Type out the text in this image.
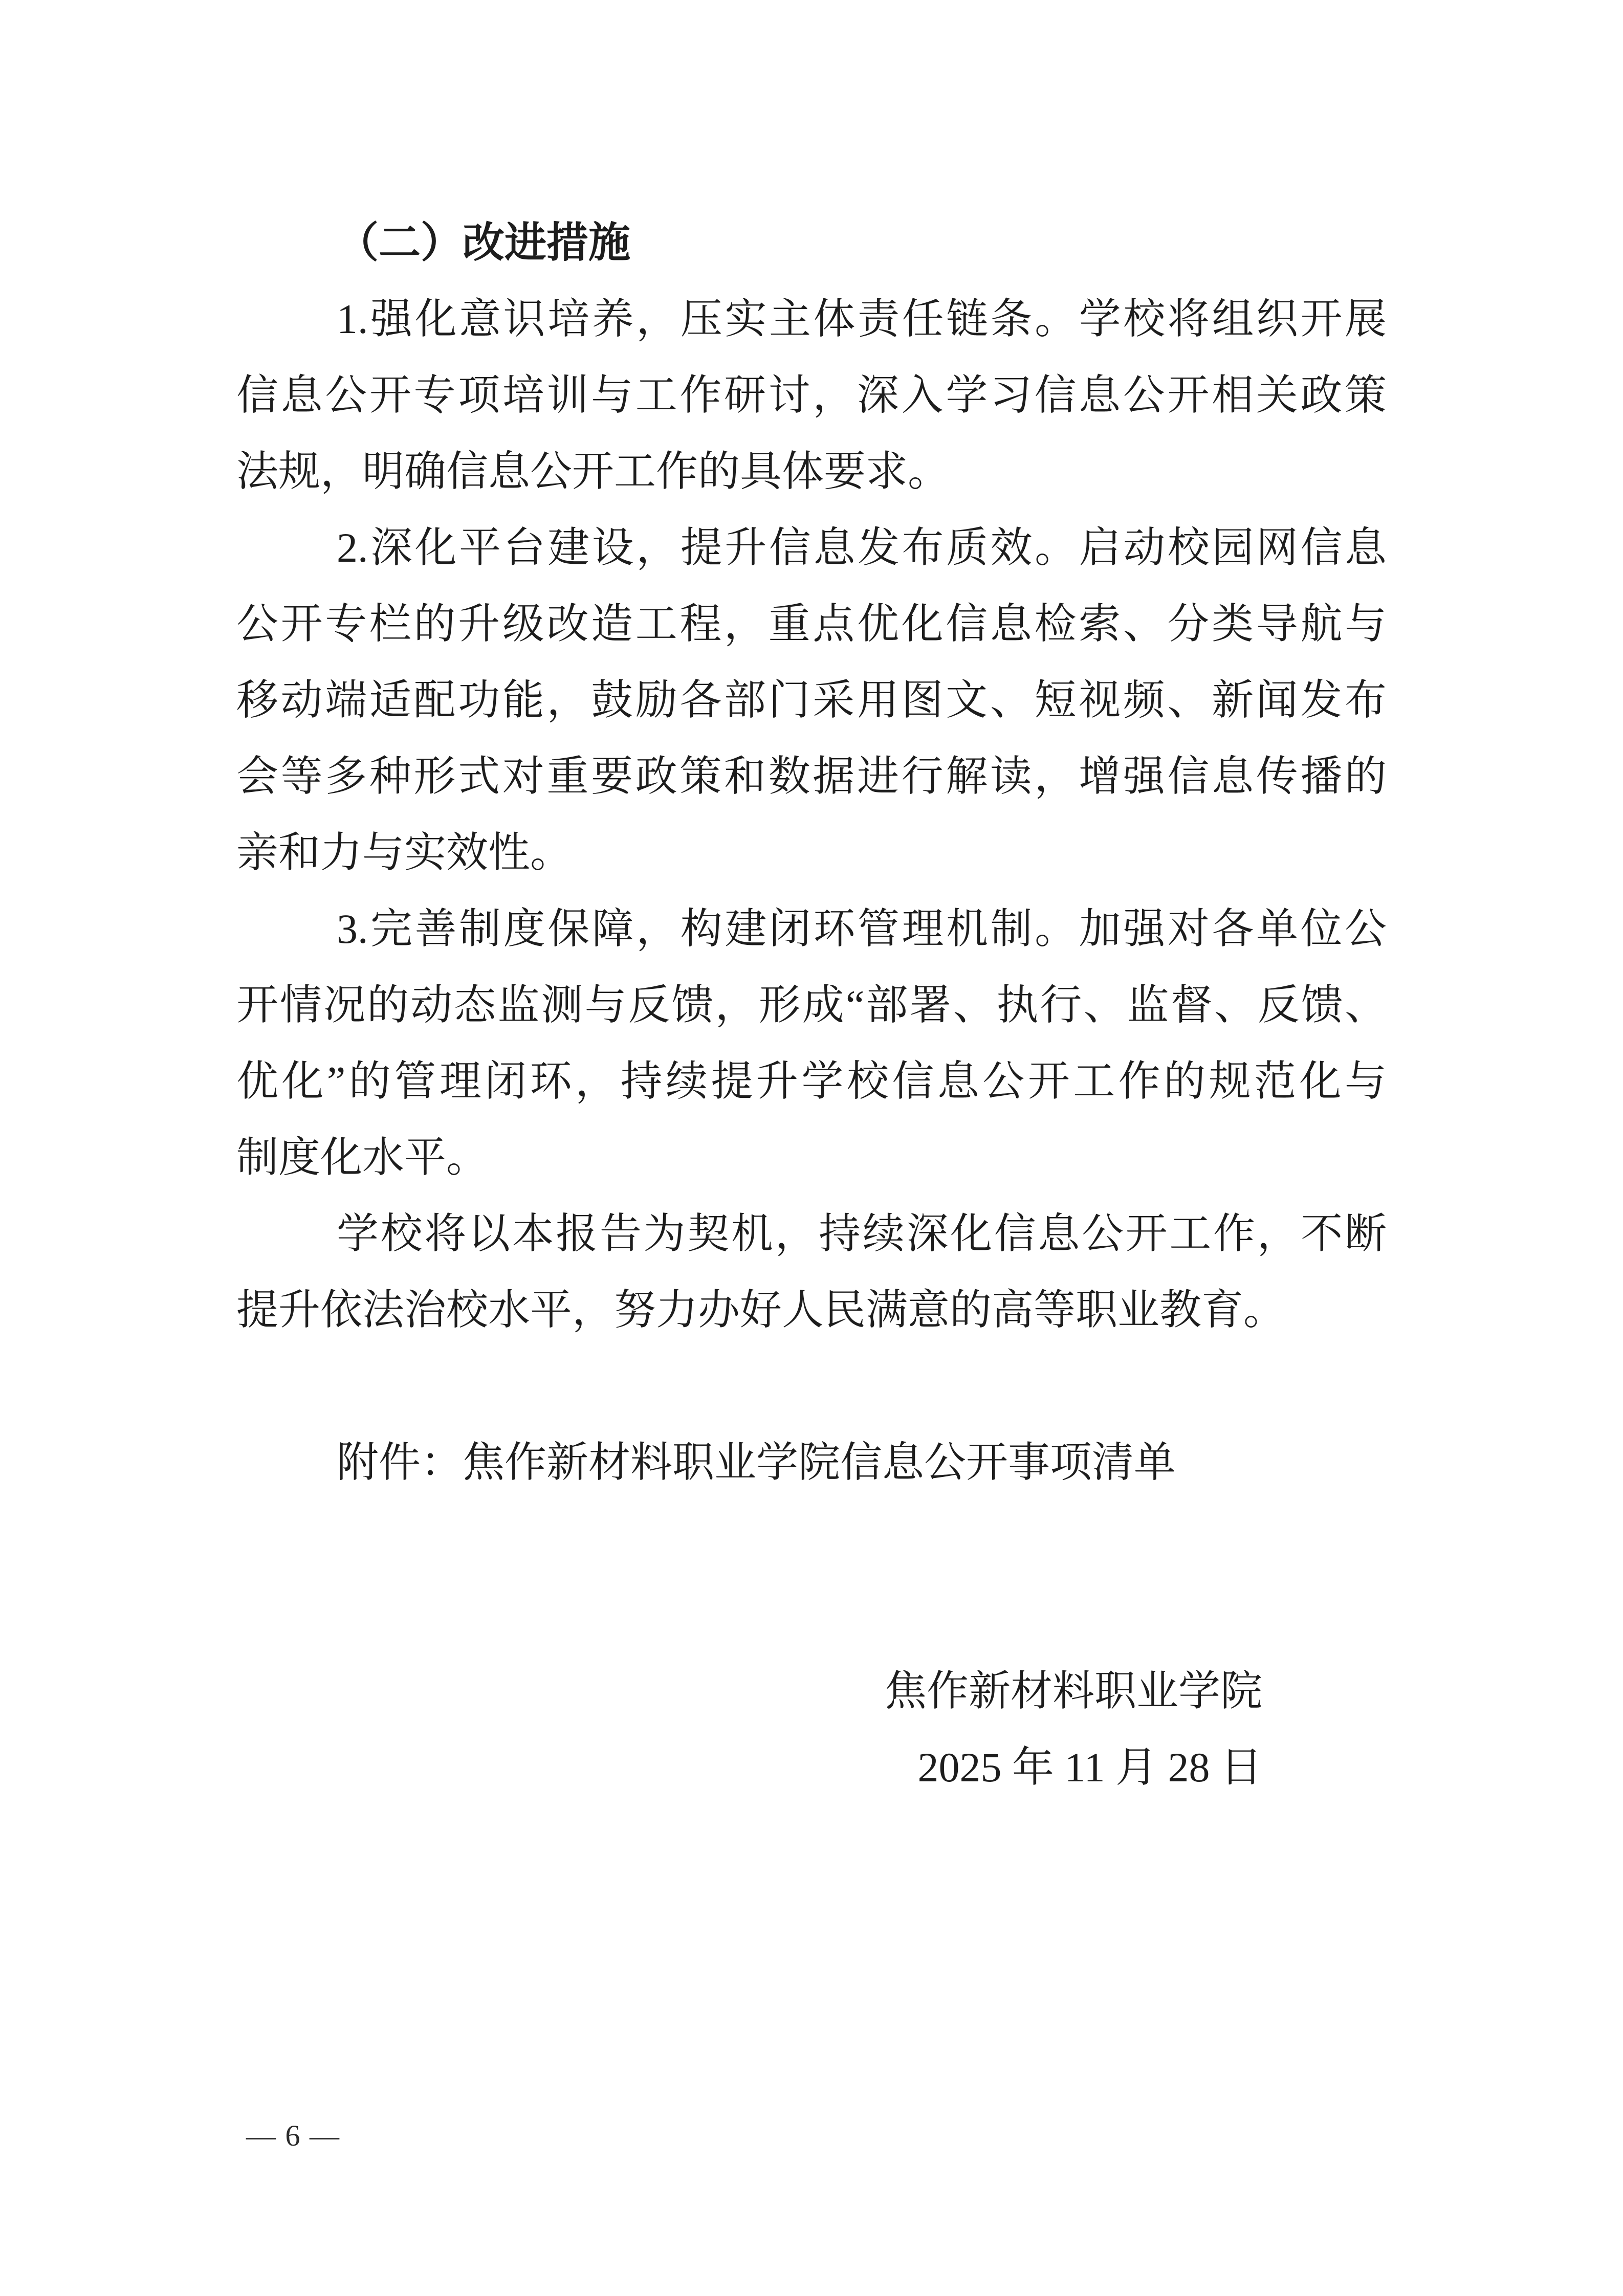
（二）改进措施
1.强化意识培养，压实主体责任链条。学校将组织开展
信息公开专项培训与工作研讨，深入学习信息公开相关政策
法规，明确信息公开工作的具体要求。
2.深化平台建设，提升信息发布质效。启动校园网信息
公开专栏的升级改造工程，重点优化信息检索、分类导航与
移动端适配功能，鼓励各部门采用图文、短视频、新闻发布
会等多种形式对重要政策和数据进行解读，增强信息传播的
亲和力与实效性。
3.完善制度保障，构建闭环管理机制。加强对各单位公
开情况的动态监测与反馈，形成“部署、执行、监督、反馈、
优化”的管理闭环，持续提升学校信息公开工作的规范化与
制度化水平。
学校将以本报告为契机，持续深化信息公开工作，不断
提升依法治校水平，努力办好人民满意的高等职业教育。
附件：焦作新材料职业学院信息公开事项清单
焦作新材料职业学院
2025 年 11 月 28 日
— 6 —
